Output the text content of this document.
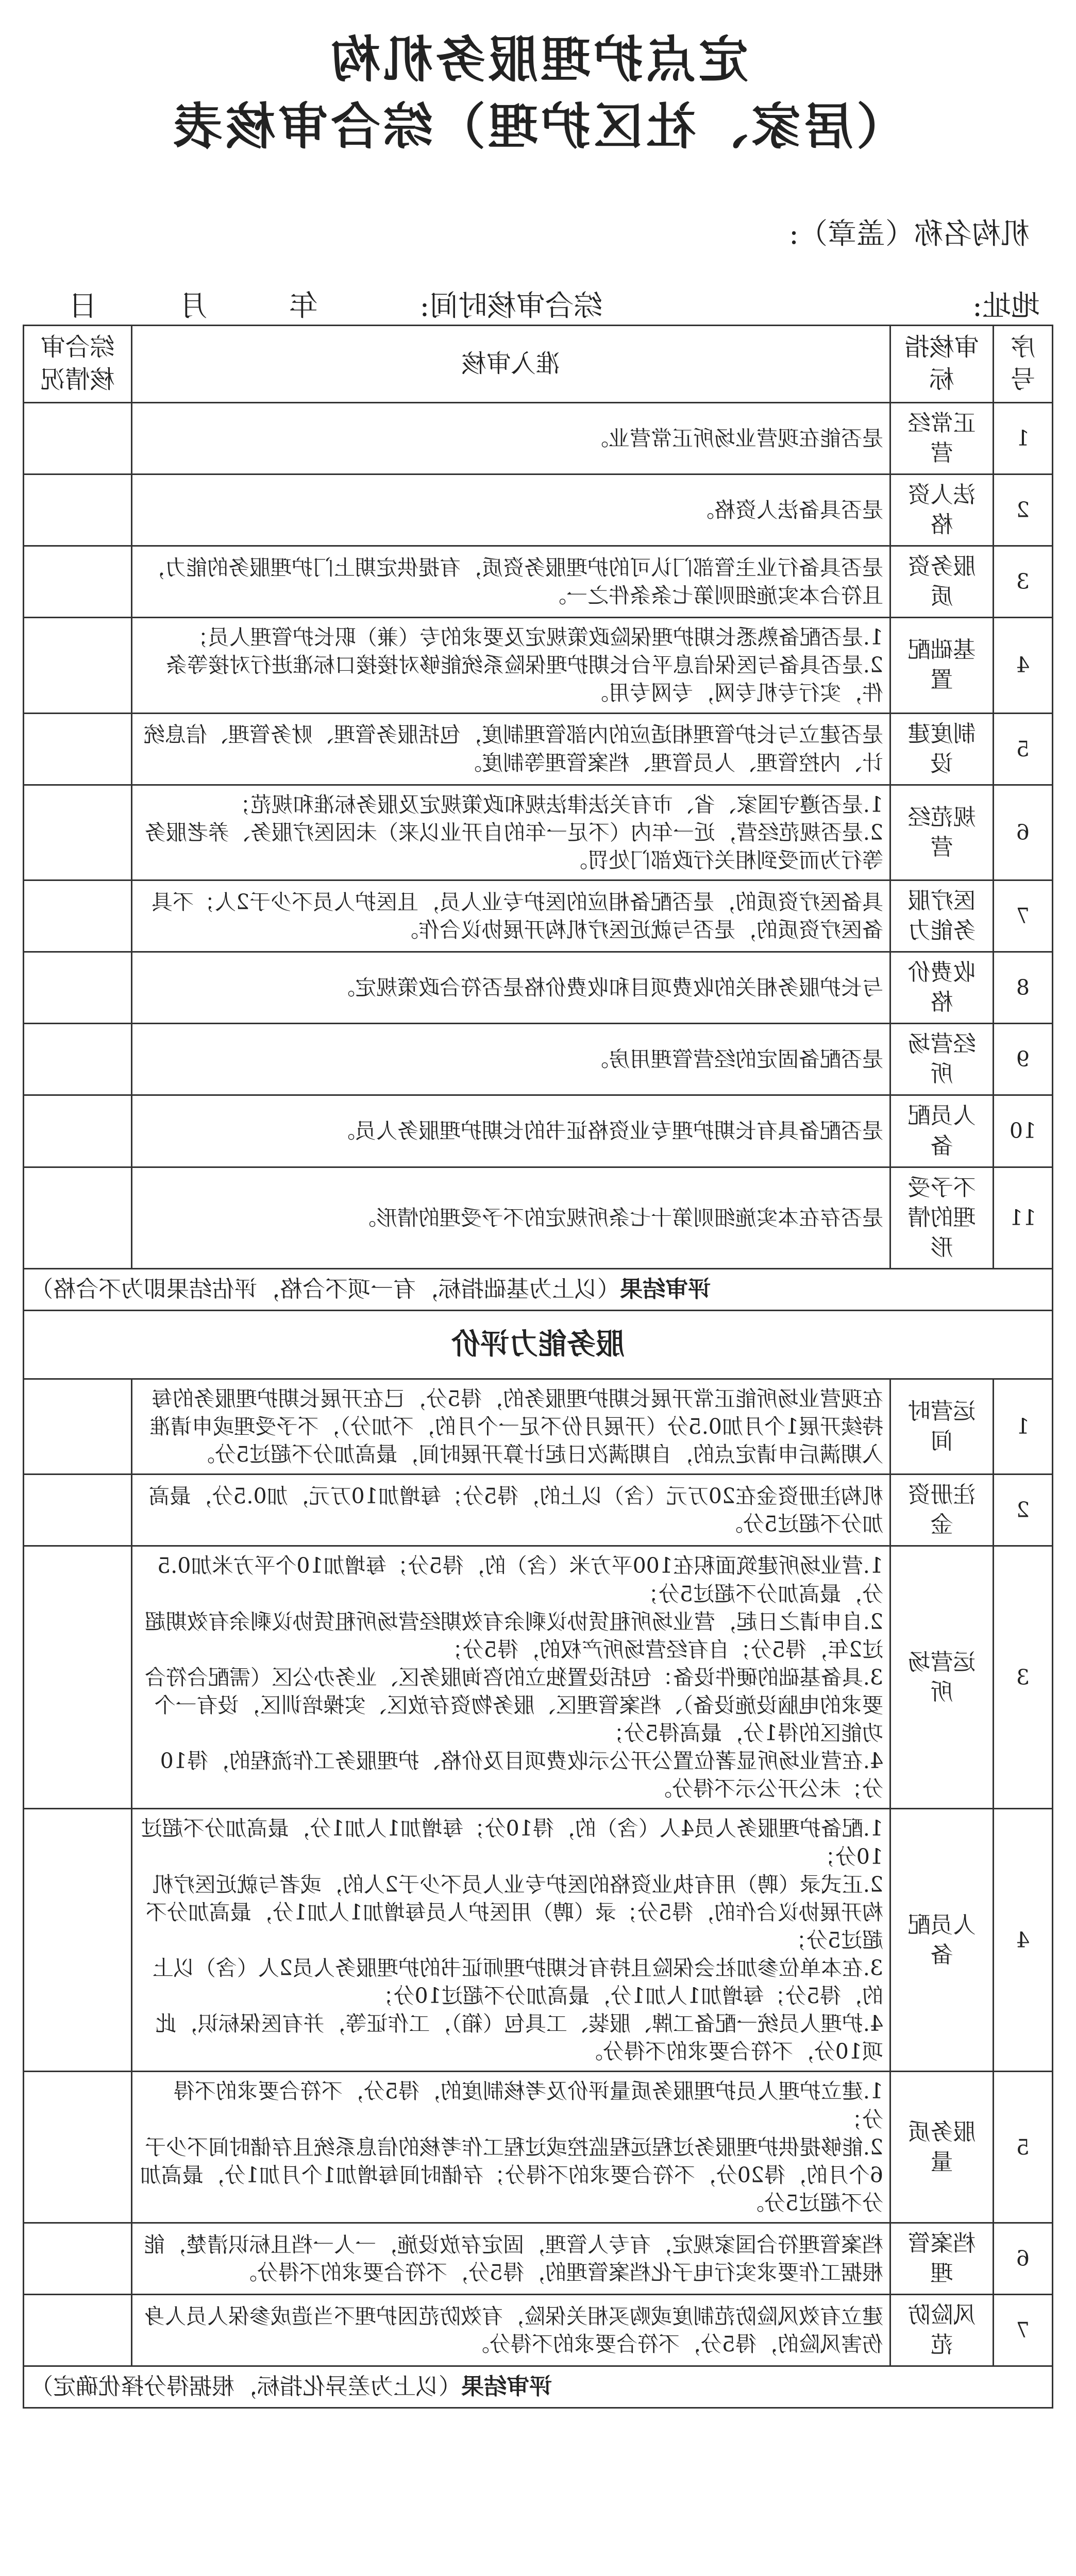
定点护理服务机构
（居家、社区护理）综合审核表
机构名称（盖章）:
地址: 综合审核时间: 年 月 日
序号	审核指标	准入审核	综合审核情况
1	正常经营	是否能在现营业场所正常营业。	
2	法人资格	是否具备法人资格。	
3	服务资质	是否具备行业主管部门认可的护理服务资质，有提供定期上门护理服务的能力，且符合本实施细则第七条条件之一。	
4	基础配置	1.是否配备熟悉长期护理保险政策规定及要求的专（兼）职长护管理人员；
2.是否具备与医保信息平台长期护理保险系统能够对接接口标准进行对接等条件，实行专机专网，专网专用。	
5	制度建设	是否建立与长护管理相适应的内部管理制度，包括服务管理、财务管理、信息统计、内控管理、人员管理、档案管理等制度。	
6	规范经营	1.是否遵守国家、省、市有关法律法规和政策规定及服务标准和规范；
2.是否规范经营，近一年内（不足一年的自开业以来）未因医疗服务、养老服务等行为而受到相关行政部门处罚。	
7	医疗服务能力	具备医疗资质的，是否配备相应的医护专业人员，且医护人员不少于2人；不具备医疗资质的，是否与就近医疗机构开展协议合作。	
8	收费价格	与长护服务相关的收费项目和收费价格是否符合政策规定。	
9	经营场所	是否配备固定的经营管理用房。	
10	人员配备	是否配备具有长期护理专业资格证书的长期护理服务人员。	
11	不予受理的情形	是否存在本实施细则第十七条所规定的不予受理的情形。	
评审结果（以上为基础指标，有一项不合格，评估结果即为不合格）			
服务能力评价			
1	运营时间	在现营业场所能正常开展长期护理服务的，得5分，已在开展长期护理服务的每持续开展1个月加0.5分（开展月份不足一个月的，不加分），不予受理或申请准入期满后申请定点的，自期满次日起计算开展时间，最高加分不超过5分。	
2	注册资金	机构注册资金在20万元（含）以上的，得5分；每增加10万元，加0.5分，最高加分不超过5分。	
3	运营场所	1.营业场所建筑面积在100平方米（含）的，得5分；每增加10个平方米加0.5分，最高加分不超过5分；
2.自申请之日起，营业场所租赁协议剩余有效期经营场所租赁协议剩余有效期超过2年，得5分；自有经营场所产权的，得5分；
3.具备基础的硬件设备：包括设置独立的咨询服务区、业务办公区（需配合符合要求的电脑设施设备）、档案管理区、服务物资存放区、实操培训区，设有一个功能区的得1分，最高得5分；
4.在营业场所显著位置公开公示收费项目及价格、护理服务工作流程的，得10分；未公开公示不得分。	
4	人员配备	1.配备护理服务人员4人（含）的，得10分；每增加1人加1分，最高加分不超过10分；
2.正式录（聘）用有执业资格的医护专业人员不少于2人的，或者与就近医疗机构开展协议合作的，得5分；录（聘）用医护人员每增加1人加1分，最高加分不超过5分；
3.在本单位参加社会保险且持有长期护理师证书的护理服务人员2人（含）以上的，得5分；每增加1人加1分，最高加分不超过10分；
4.护理人员统一配备工牌、服装、工具包（箱），工作证等，并有医保标识，此项10分，不符合要求的不得分。	
5	服务质量	1.建立护理人员护理服务质量评价及考核制度的，得5分，不符合要求的不得分；
2.能够提供护理服务过程远程监控或过程工作考核的信息系统且存储时间不少于6个月的，得20分，不符合要求的不得分；存储时间每增加1个月加1分，最高加分不超过5分。	
6	档案管理	档案管理符合国家规定，有专人管理，固定存放设施，一人一档且标识清楚，能根据工作要求实行电子化档案管理的，得5分，不符合要求的不得分。	
7	风险防范	建立有效风险防范制度或购买相关保险，有效防范因护理不当造成参保人员人身伤害风险的，得5分，不符合要求的不得分。	
评审结果（以上为差异化指标，根据得分择优确定）			
